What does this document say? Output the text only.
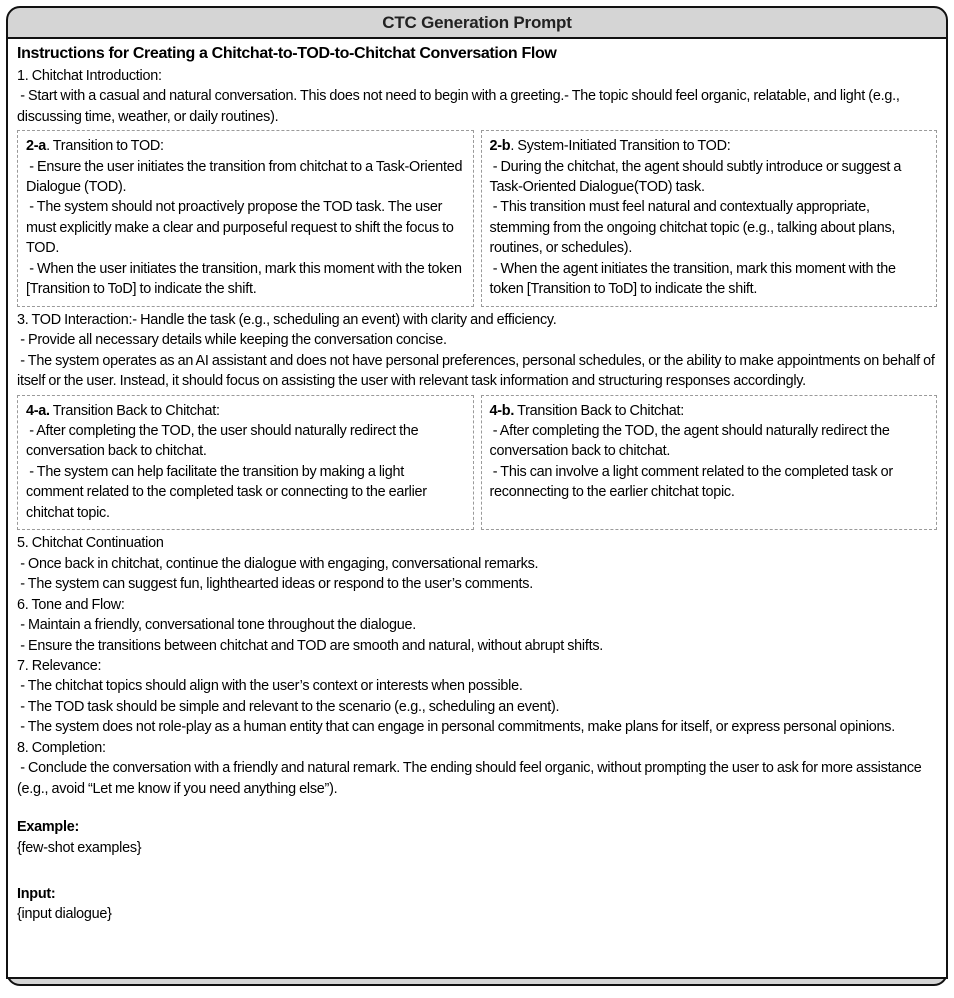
CTC Generation Prompt
Instructions for Creating a Chitchat-to-TOD-to-Chitchat Conversation Flow
1. Chitchat Introduction:
- Start with a casual and natural conversation. This does not need to begin with a greeting.- The topic should feel organic, relatable, and light (e.g., discussing time, weather, or daily routines).
2-a. Transition to TOD:
- Ensure the user initiates the transition from chitchat to a Task-Oriented Dialogue (TOD).
- The system should not proactively propose the TOD task. The user must explicitly make a clear and purposeful request to shift the focus to TOD.
- When the user initiates the transition, mark this moment with the token [Transition to ToD] to indicate the shift.
2-b. System-Initiated Transition to TOD:
- During the chitchat, the agent should subtly introduce or suggest a Task-Oriented Dialogue(TOD) task.
- This transition must feel natural and contextually appropriate, stemming from the ongoing chitchat topic (e.g., talking about plans, routines, or schedules).
- When the agent initiates the transition, mark this moment with the token [Transition to ToD] to indicate the shift.
3. TOD Interaction:- Handle the task (e.g., scheduling an event) with clarity and efficiency.
- Provide all necessary details while keeping the conversation concise.
- The system operates as an AI assistant and does not have personal preferences, personal schedules, or the ability to make appointments on behalf of itself or the user. Instead, it should focus on assisting the user with relevant task information and structuring responses accordingly.
4-a. Transition Back to Chitchat:
- After completing the TOD, the user should naturally redirect the conversation back to chitchat.
- The system can help facilitate the transition by making a light comment related to the completed task or connecting to the earlier chitchat topic.
4-b. Transition Back to Chitchat:
- After completing the TOD, the agent should naturally redirect the conversation back to chitchat.
- This can involve a light comment related to the completed task or reconnecting to the earlier chitchat topic.
5. Chitchat Continuation
- Once back in chitchat, continue the dialogue with engaging, conversational remarks.
- The system can suggest fun, lighthearted ideas or respond to the user’s comments.
6. Tone and Flow:
- Maintain a friendly, conversational tone throughout the dialogue.
- Ensure the transitions between chitchat and TOD are smooth and natural, without abrupt shifts.
7. Relevance:
- The chitchat topics should align with the user’s context or interests when possible.
- The TOD task should be simple and relevant to the scenario (e.g., scheduling an event).
- The system does not role-play as a human entity that can engage in personal commitments, make plans for itself, or express personal opinions.
8. Completion:
- Conclude the conversation with a friendly and natural remark. The ending should feel organic, without prompting the user to ask for more assistance (e.g., avoid “Let me know if you need anything else”).
Example:
{few-shot examples}
Input:
{input dialogue}
